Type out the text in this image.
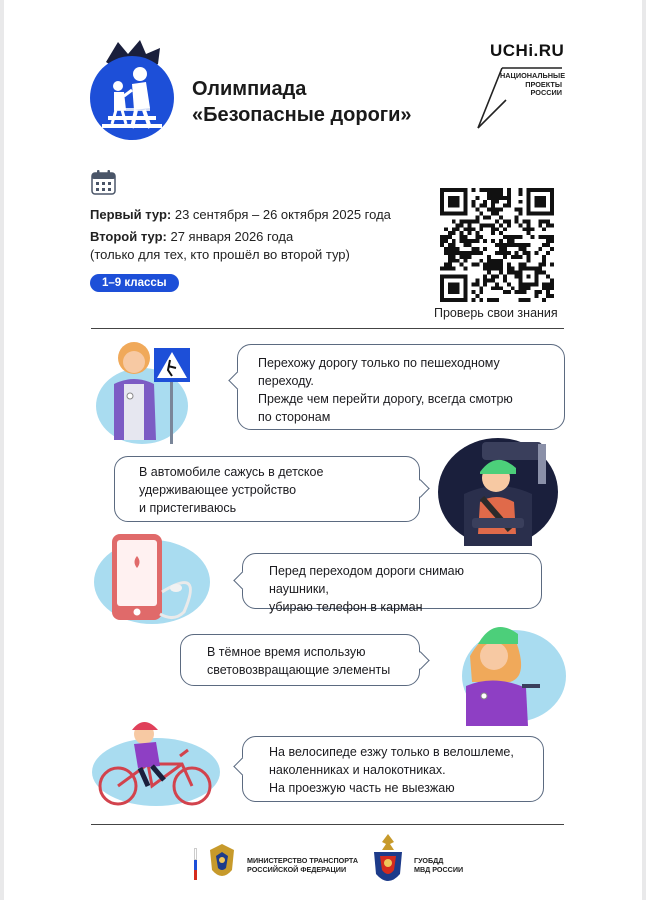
Олимпиада
«Безопасные дороги»
UCHi.RU
НАЦИОНАЛЬНЫЕ
ПРОЕКТЫ
РОССИИ
Первый тур: 23 сентября – 26 октября 2025 года
Второй тур: 27 января 2026 года
(только для тех, кто прошёл во второй тур)
1–9 классы
Проверь свои знания

Перехожу дорогу только по пешеходному

переходу.

Прежде чем перейти дорогу, всегда смотрю

по сторонам

В автомобиле сажусь в детское

удерживающее устройство

и пристегиваюсь

Перед переходом дороги снимаю наушники,

убираю телефон в карман

В тёмное время использую

световозвращающие элементы

На велосипеде езжу только в велошлеме,

наколенниках и налокотниках.

На проезжую часть не выезжаю

МИНИСТЕРСТВО ТРАНСПОРТА
РОССИЙСКОЙ ФЕДЕРАЦИИ
ГУОБДД
МВД РОССИИ
